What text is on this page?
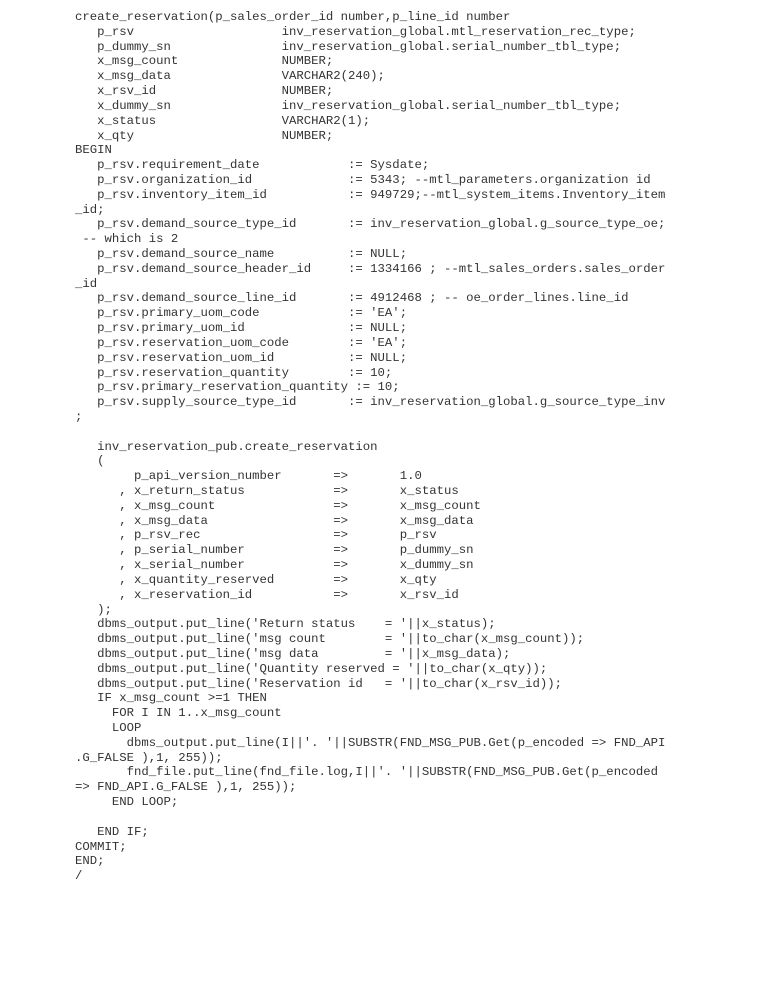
create_reservation(p_sales_order_id number,p_line_id number
p_rsv                    inv_reservation_global.mtl_reservation_rec_type;
p_dummy_sn               inv_reservation_global.serial_number_tbl_type;
x_msg_count              NUMBER;
x_msg_data               VARCHAR2(240);
x_rsv_id                 NUMBER;
x_dummy_sn               inv_reservation_global.serial_number_tbl_type;
x_status                 VARCHAR2(1);
x_qty                    NUMBER;
BEGIN
p_rsv.requirement_date            := Sysdate;
p_rsv.organization_id             := 5343; --mtl_parameters.organization id
p_rsv.inventory_item_id           := 949729;--mtl_system_items.Inventory_item
_id;
p_rsv.demand_source_type_id       := inv_reservation_global.g_source_type_oe;
-- which is 2
p_rsv.demand_source_name          := NULL;
p_rsv.demand_source_header_id     := 1334166 ; --mtl_sales_orders.sales_order
_id
p_rsv.demand_source_line_id       := 4912468 ; -- oe_order_lines.line_id
p_rsv.primary_uom_code            := 'EA';
p_rsv.primary_uom_id              := NULL;
p_rsv.reservation_uom_code        := 'EA';
p_rsv.reservation_uom_id          := NULL;
p_rsv.reservation_quantity        := 10;
p_rsv.primary_reservation_quantity := 10;
p_rsv.supply_source_type_id       := inv_reservation_global.g_source_type_inv
;
inv_reservation_pub.create_reservation
(
p_api_version_number       =>       1.0
, x_return_status            =>       x_status
, x_msg_count                =>       x_msg_count
, x_msg_data                 =>       x_msg_data
, p_rsv_rec                  =>       p_rsv
, p_serial_number            =>       p_dummy_sn
, x_serial_number            =>       x_dummy_sn
, x_quantity_reserved        =>       x_qty
, x_reservation_id           =>       x_rsv_id
);
dbms_output.put_line('Return status    = '||x_status);
dbms_output.put_line('msg count        = '||to_char(x_msg_count));
dbms_output.put_line('msg data         = '||x_msg_data);
dbms_output.put_line('Quantity reserved = '||to_char(x_qty));
dbms_output.put_line('Reservation id   = '||to_char(x_rsv_id));
IF x_msg_count >=1 THEN
FOR I IN 1..x_msg_count
LOOP
dbms_output.put_line(I||'. '||SUBSTR(FND_MSG_PUB.Get(p_encoded => FND_API
.G_FALSE ),1, 255));
fnd_file.put_line(fnd_file.log,I||'. '||SUBSTR(FND_MSG_PUB.Get(p_encoded
=> FND_API.G_FALSE ),1, 255));
END LOOP;
END IF;
COMMIT;
END;
/
